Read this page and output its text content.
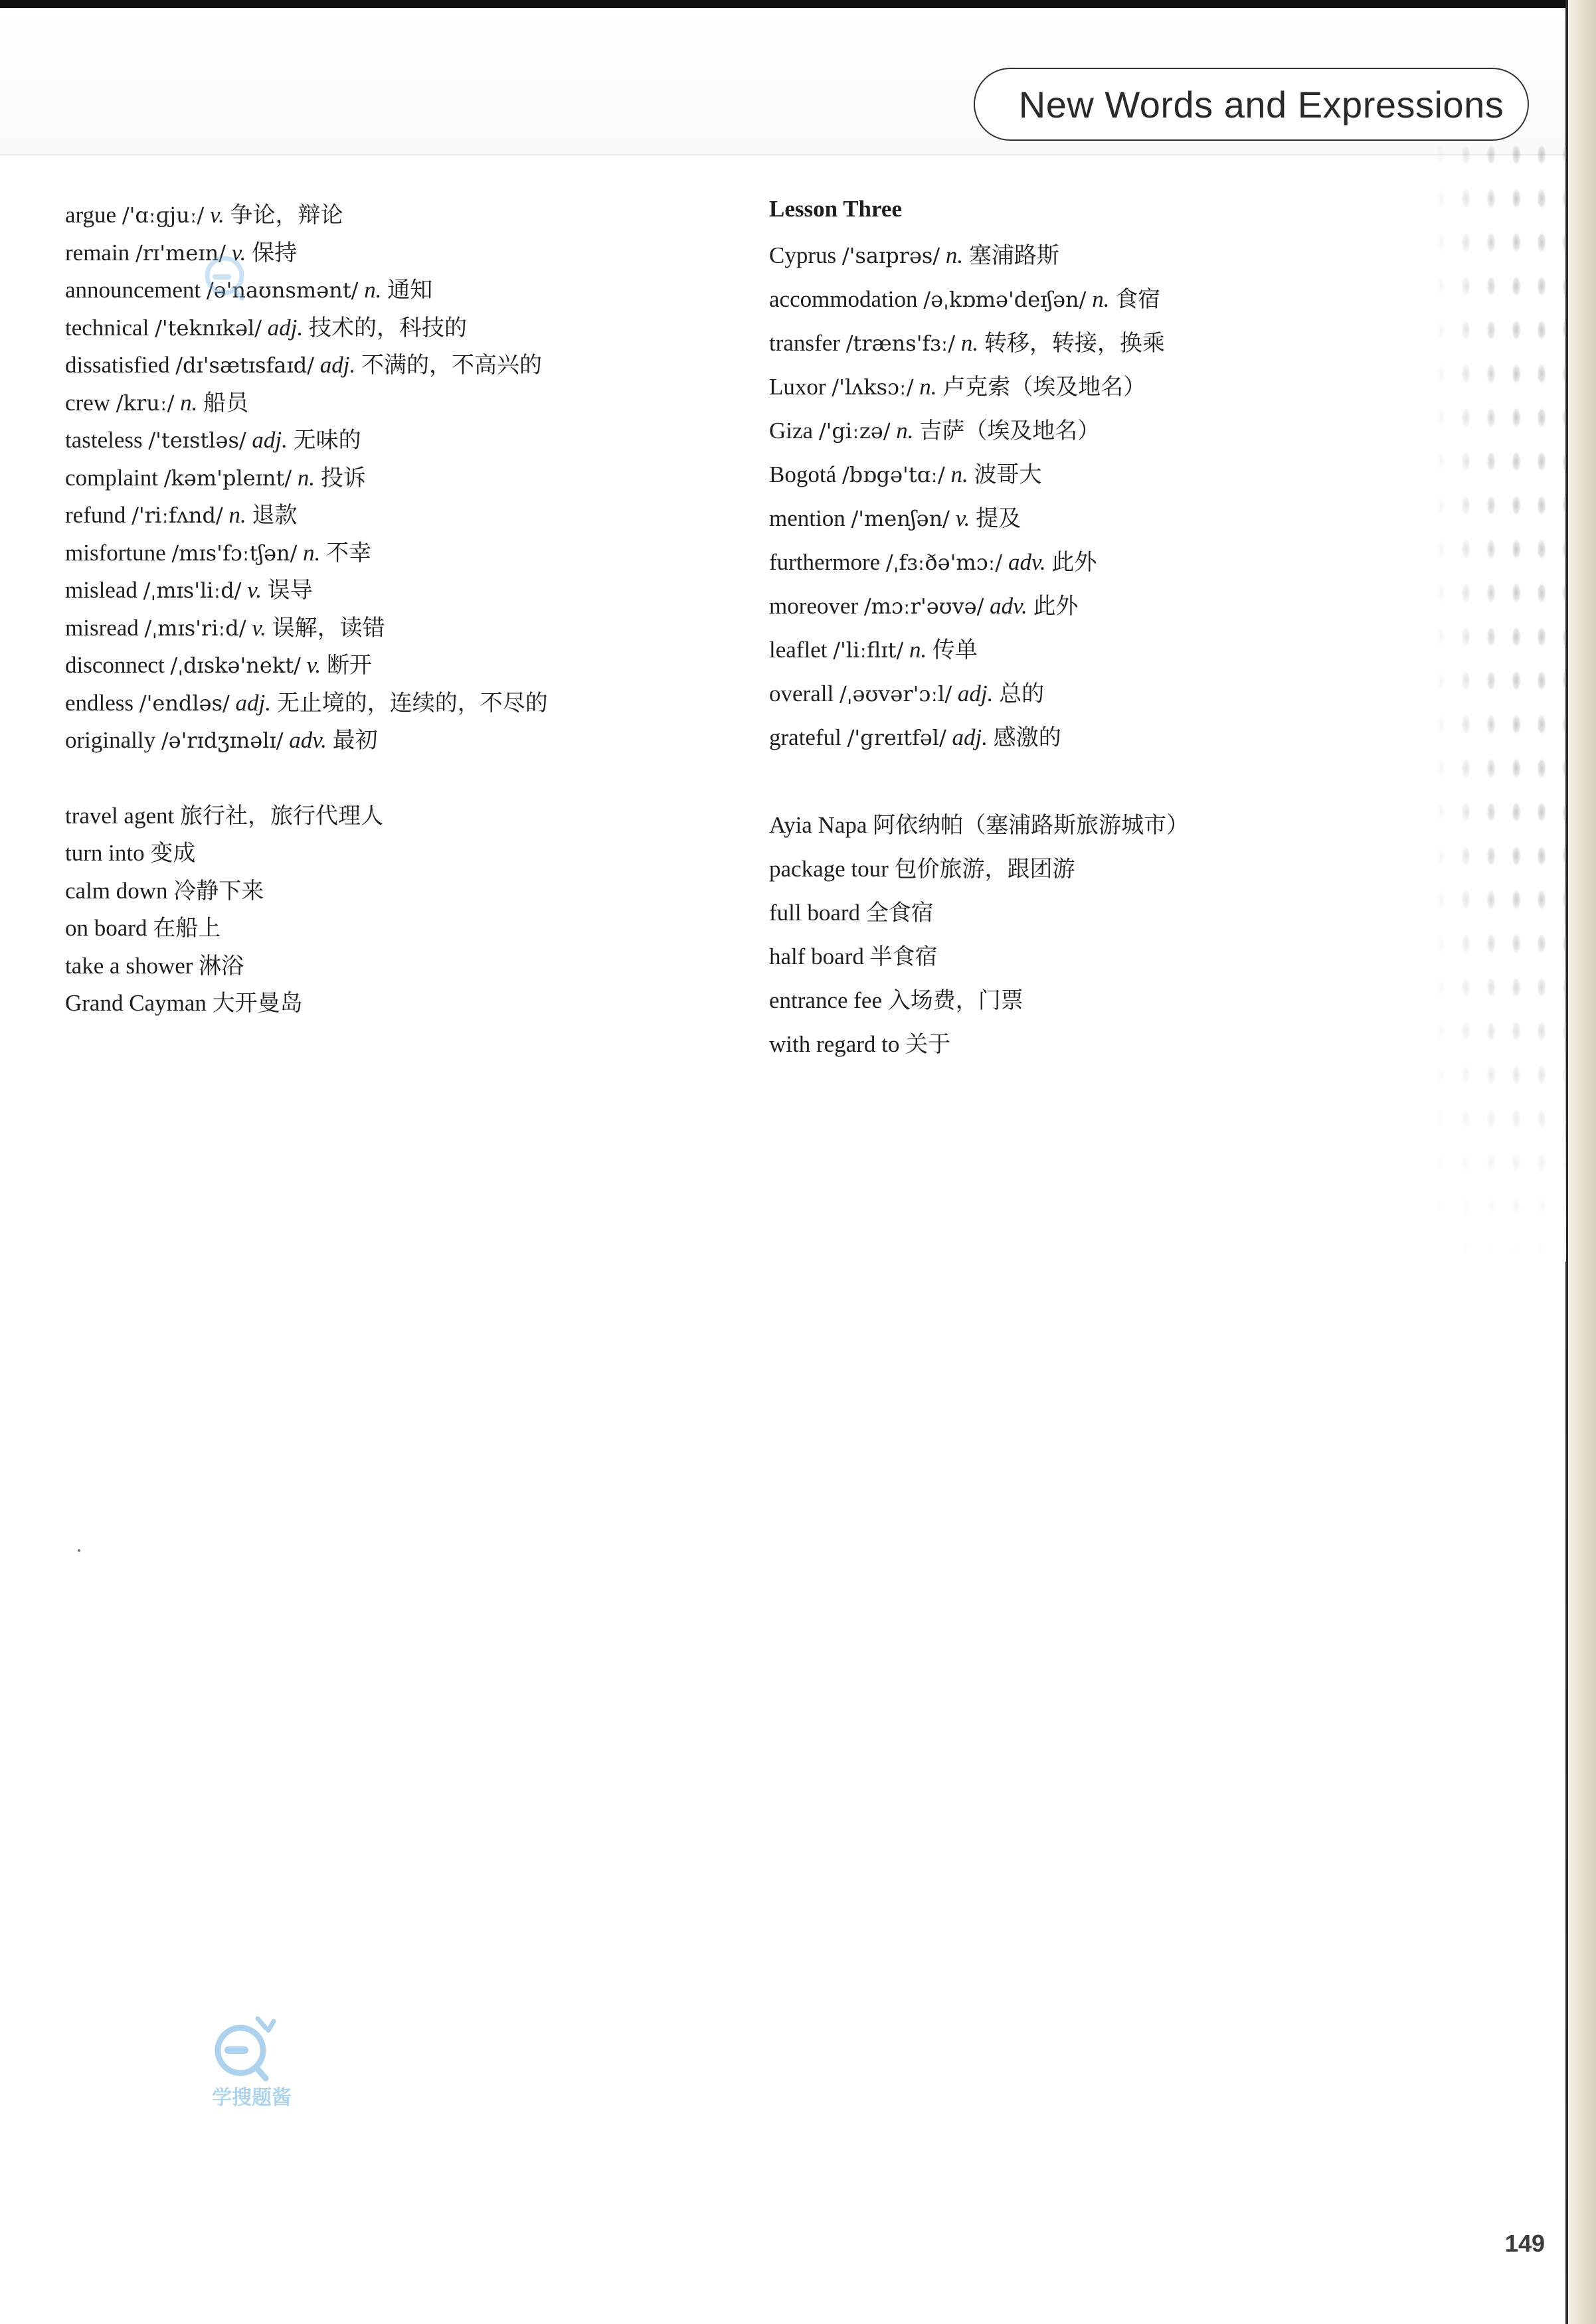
New Words and Expressions
argue /'ɑːɡjuː/ v. 争论，辩论
remain /rɪ'meɪn/ v. 保持
announcement /ə'naʊnsmənt/ n. 通知
technical /'teknɪkəl/ adj. 技术的，科技的
dissatisfied /dɪ'sætɪsfaɪd/ adj. 不满的，不高兴的
crew /kruː/ n. 船员
tasteless /'teɪstləs/ adj. 无味的
complaint /kəm'pleɪnt/ n. 投诉
refund /'riːfʌnd/ n. 退款
misfortune /mɪs'fɔːtʃən/ n. 不幸
mislead /ˌmɪs'liːd/ v. 误导
misread /ˌmɪs'riːd/ v. 误解，读错
disconnect /ˌdɪskə'nekt/ v. 断开
endless /'endləs/ adj. 无止境的，连续的，不尽的
originally /ə'rɪdʒɪnəlɪ/ adv. 最初
travel agent 旅行社，旅行代理人
turn into 变成
calm down 冷静下来
on board 在船上
take a shower 淋浴
Grand Cayman 大开曼岛
Lesson Three
Cyprus /'saɪprəs/ n. 塞浦路斯
accommodation /əˌkɒmə'deɪʃən/ n. 食宿
transfer /træns'fɜː/ n. 转移，转接，换乘
Luxor /'lʌksɔː/ n. 卢克索（埃及地名）
Giza /'giːzə/ n. 吉萨（埃及地名）
Bogotá /bɒgə'tɑː/ n. 波哥大
mention /'menʃən/ v. 提及
furthermore /ˌfɜːðə'mɔː/ adv. 此外
moreover /mɔːr'əʊvə/ adv. 此外
leaflet /'liːflɪt/ n. 传单
overall /ˌəʊvər'ɔːl/ adj. 总的
grateful /'greɪtfəl/ adj. 感激的
Ayia Napa 阿依纳帕（塞浦路斯旅游城市）
package tour 包价旅游，跟团游
full board 全食宿
half board 半食宿
entrance fee 入场费，门票
with regard to 关于
学搜题酱
149
